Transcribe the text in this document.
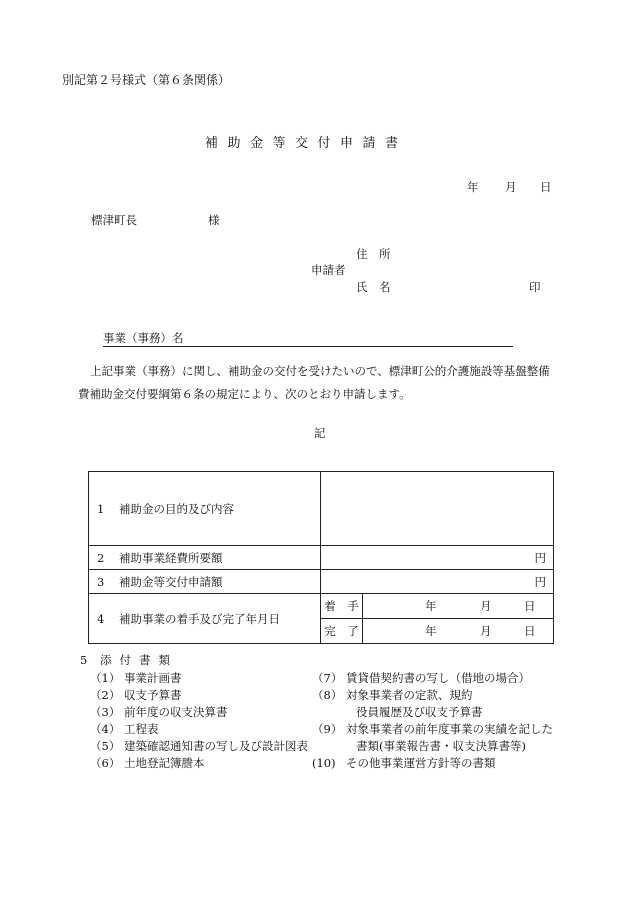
別記第２号様式（第６条関係）
補助金等交付申請書
年 月 日
標津町長	様
住　所
申請者
氏　名	印
事業（事務）名
上記事業（事務）に関し、補助金の交付を受けたいので、標津町公的介護施設等基盤整備
費補助金交付要綱第６条の規定により、次のとおり申請します。
記
1 補助金の目的及び内容		
2 補助事業経費所要額	円	
3 補助金等交付申請額	円	
4 補助事業の着手及び完了年月日	着　手	年 月 日

	完　了	年 月 日
5 添付書類
（1） 事業計画書
（2） 収支予算書
（3） 前年度の収支決算書
（4） 工程表
（5） 建築確認通知書の写し及び設計図表
（6） 土地登記簿謄本
（7） 賃貸借契約書の写し（借地の場合）
（8） 対象事業者の定款、規約
役員履歴及び収支予算書
（9） 対象事業者の前年度事業の実績を記した
書類(事業報告書・収支決算書等)
(10) その他事業運営方針等の書類
